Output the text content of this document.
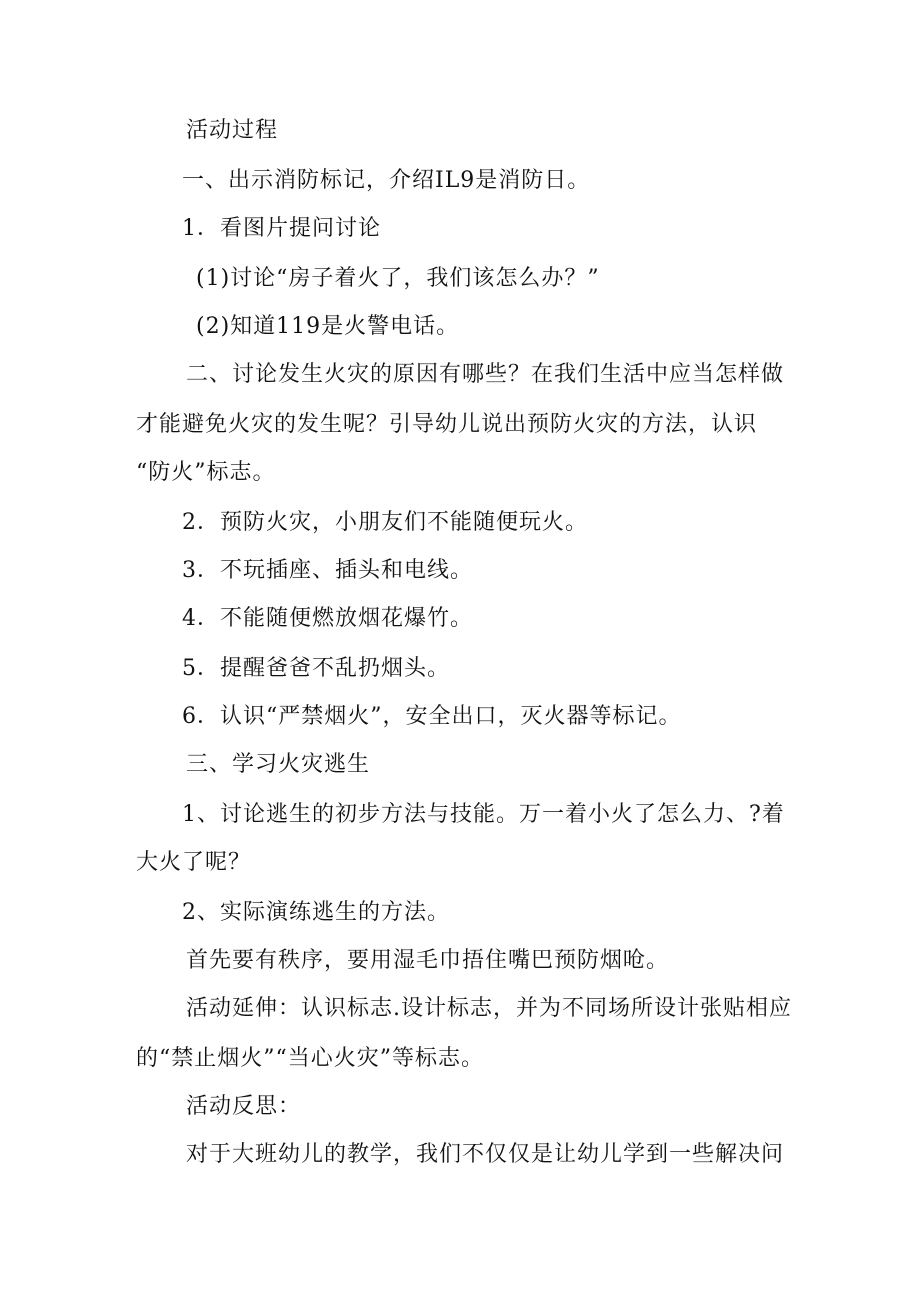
活动过程
一、出示消防标记，介绍IL9是消防日。
1．看图片提问讨论
(1)讨论“房子着火了，我们该怎么办？”
(2)知道119是火警电话。
二、讨论发生火灾的原因有哪些？在我们生活中应当怎样做
才能避免火灾的发生呢？引导幼儿说出预防火灾的方法，认识
“防火”标志。
2．预防火灾，小朋友们不能随便玩火。
3．不玩插座、插头和电线。
4．不能随便燃放烟花爆竹。
5．提醒爸爸不乱扔烟头。
6．认识“严禁烟火”，安全出口，灭火器等标记。
三、学习火灾逃生
1、讨论逃生的初步方法与技能。万一着小火了怎么力、?着
大火了呢？
2、实际演练逃生的方法。
首先要有秩序，要用湿毛巾捂住嘴巴预防烟呛。
活动延伸：认识标志.设计标志，并为不同场所设计张贴相应
的“禁止烟火”“当心火灾”等标志。
活动反思：
对于大班幼儿的教学，我们不仅仅是让幼儿学到一些解决问
